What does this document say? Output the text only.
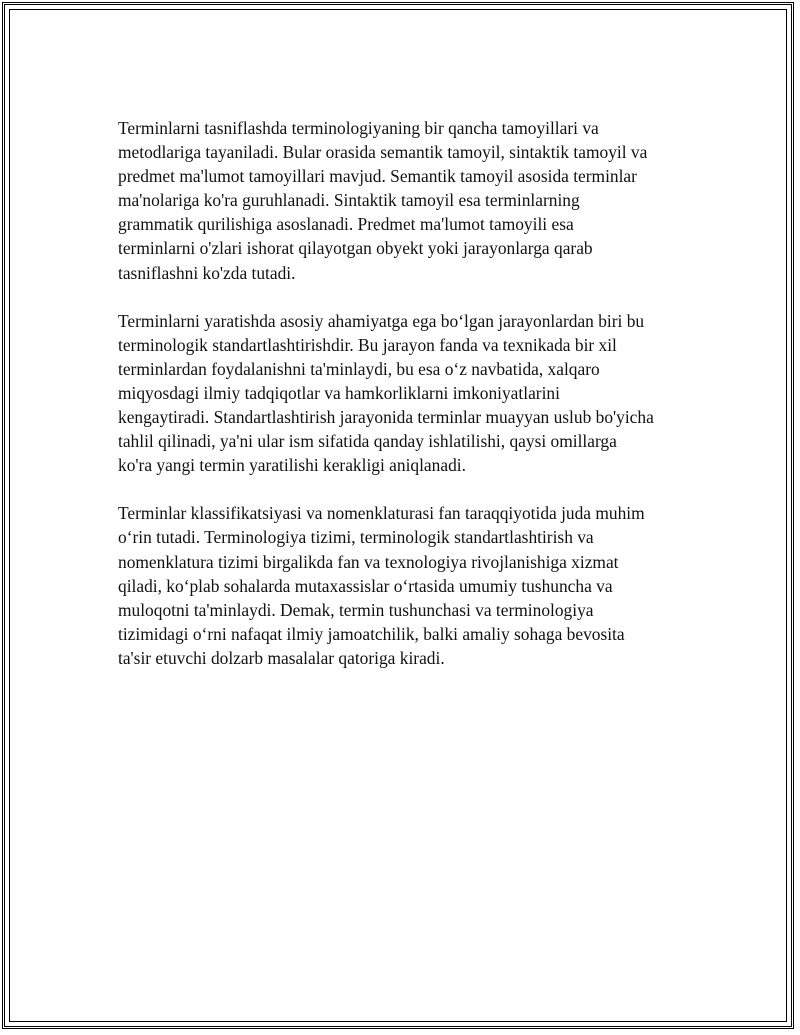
Terminlarni tasniflashda terminologiyaning bir qancha tamoyillari va
metodlariga tayaniladi. Bular orasida semantik tamoyil, sintaktik tamoyil va
predmet ma'lumot tamoyillari mavjud. Semantik tamoyil asosida terminlar
ma'nolariga ko'ra guruhlanadi. Sintaktik tamoyil esa terminlarning
grammatik qurilishiga asoslanadi. Predmet ma'lumot tamoyili esa
terminlarni o'zlari ishorat qilayotgan obyekt yoki jarayonlarga qarab
tasniflashni ko'zda tutadi.

Terminlarni yaratishda asosiy ahamiyatga ega bo‘lgan jarayonlardan biri bu
terminologik standartlashtirishdir. Bu jarayon fanda va texnikada bir xil
terminlardan foydalanishni ta'minlaydi, bu esa o‘z navbatida, xalqaro
miqyosdagi ilmiy tadqiqotlar va hamkorliklarni imkoniyatlarini
kengaytiradi. Standartlashtirish jarayonida terminlar muayyan uslub bo'yicha
tahlil qilinadi, ya'ni ular ism sifatida qanday ishlatilishi, qaysi omillarga
ko'ra yangi termin yaratilishi kerakligi aniqlanadi.

Terminlar klassifikatsiyasi va nomenklaturasi fan taraqqiyotida juda muhim
o‘rin tutadi. Terminologiya tizimi, terminologik standartlashtirish va
nomenklatura tizimi birgalikda fan va texnologiya rivojlanishiga xizmat
qiladi, ko‘plab sohalarda mutaxassislar o‘rtasida umumiy tushuncha va
muloqotni ta'minlaydi. Demak, termin tushunchasi va terminologiya
tizimidagi o‘rni nafaqat ilmiy jamoatchilik, balki amaliy sohaga bevosita
ta'sir etuvchi dolzarb masalalar qatoriga kiradi.
